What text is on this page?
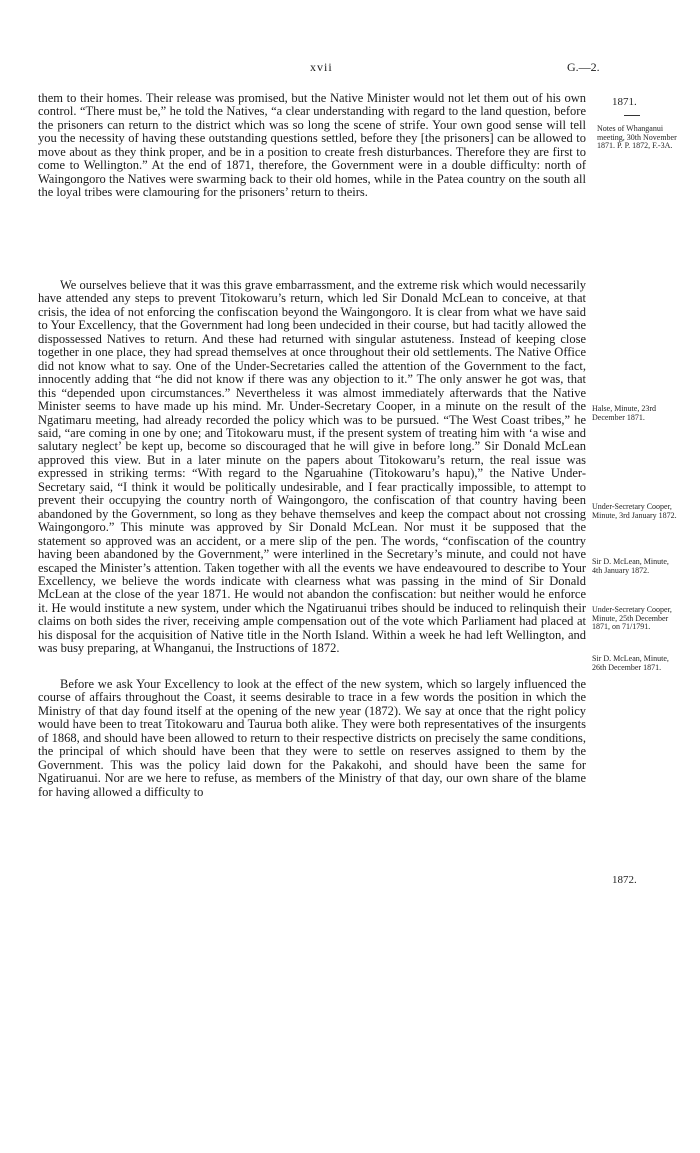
xvii	G.—2.

them to their homes. Their release was promised, but the Native Minister would not let them out of his own control. “There must be,” he told the Natives, “a clear understanding with regard to the land question, before the prisoners can return to the district which was so long the scene of strife. Your own good sense will tell you the necessity of having these outstanding questions settled, before they [the prisoners] can be allowed to move about as they think proper, and be in a position to create fresh disturbances. Therefore they are first to come to Wellington.” At the end of 1871, therefore, the Government were in a double difficulty: north of Waingongoro the Natives were swarming back to their old homes, while in the Patea country on the south all the loyal tribes were clamouring for the prisoners’ return to theirs.

We ourselves believe that it was this grave embarrassment, and the extreme risk which would necessarily have attended any steps to prevent Titokowaru’s return, which led Sir Donald McLean to conceive, at that crisis, the idea of not enforcing the confiscation beyond the Waingongoro. It is clear from what we have said to Your Excellency, that the Government had long been undecided in their course, but had tacitly allowed the dispossessed Natives to return. And these had returned with singular astuteness. Instead of keeping close together in one place, they had spread themselves at once throughout their old settlements. The Native Office did not know what to say. One of the Under-Secretaries called the attention of the Government to the fact, innocently adding that “he did not know if there was any objection to it.” The only answer he got was, that this “depended upon circumstances.” Nevertheless it was almost immediately afterwards that the Native Minister seems to have made up his mind. Mr. Under-Secretary Cooper, in a minute on the result of the Ngatimaru meeting, had already recorded the policy which was to be pursued. “The West Coast tribes,” he said, “are coming in one by one; and Titokowaru must, if the present system of treating him with ‘a wise and salutary neglect’ be kept up, become so discouraged that he will give in before long.” Sir Donald McLean approved this view. But in a later minute on the papers about Titokowaru’s return, the real issue was expressed in striking terms: “With regard to the Ngaruahine (Titokowaru’s hapu),” the Native Under-Secretary said, “I think it would be politically undesirable, and I fear practically impossible, to attempt to prevent their occupying the country north of Waingongoro, the confiscation of that country having been abandoned by the Government, so long as they behave themselves and keep the compact about not crossing Waingongoro.” This minute was approved by Sir Donald McLean. Nor must it be supposed that the statement so approved was an accident, or a mere slip of the pen. The words, “confiscation of the country having been abandoned by the Government,” were interlined in the Secretary’s minute, and could not have escaped the Minister’s attention. Taken together with all the events we have endeavoured to describe to Your Excellency, we believe the words indicate with clearness what was passing in the mind of Sir Donald McLean at the close of the year 1871. He would not abandon the confiscation: but neither would he enforce it. He would institute a new system, under which the Ngatiruanui tribes should be induced to relinquish their claims on both sides the river, receiving ample compensation out of the vote which Parliament had placed at his disposal for the acquisition of Native title in the North Island. Within a week he had left Wellington, and was busy preparing, at Whanganui, the Instructions of 1872.

Before we ask Your Excellency to look at the effect of the new system, which so largely influenced the course of affairs throughout the Coast, it seems desirable to trace in a few words the position in which the Ministry of that day found itself at the opening of the new year (1872). We say at once that the right policy would have been to treat Titokowaru and Taurua both alike. They were both representatives of the insurgents of 1868, and should have been allowed to return to their respective districts on precisely the same conditions, the principal of which should have been that they were to settle on reserves assigned to them by the Government. This was the policy laid down for the Pakakohi, and should have been the same for Ngatiruanui. Nor are we here to refuse, as members of the Ministry of that day, our own share of the blame for having allowed a difficulty to

1871.
Notes of Whanganui meeting, 30th November 1871. P. P. 1872, F.-3A.
Halse, Minute, 23rd December 1871.
Under-Secretary Cooper, Minute, 3rd January 1872.
Sir D. McLean, Minute, 4th January 1872.
Under-Secretary Cooper, Minute, 25th December 1871, on 71/1791.
Sir D. McLean, Minute, 26th December 1871.
1872.
